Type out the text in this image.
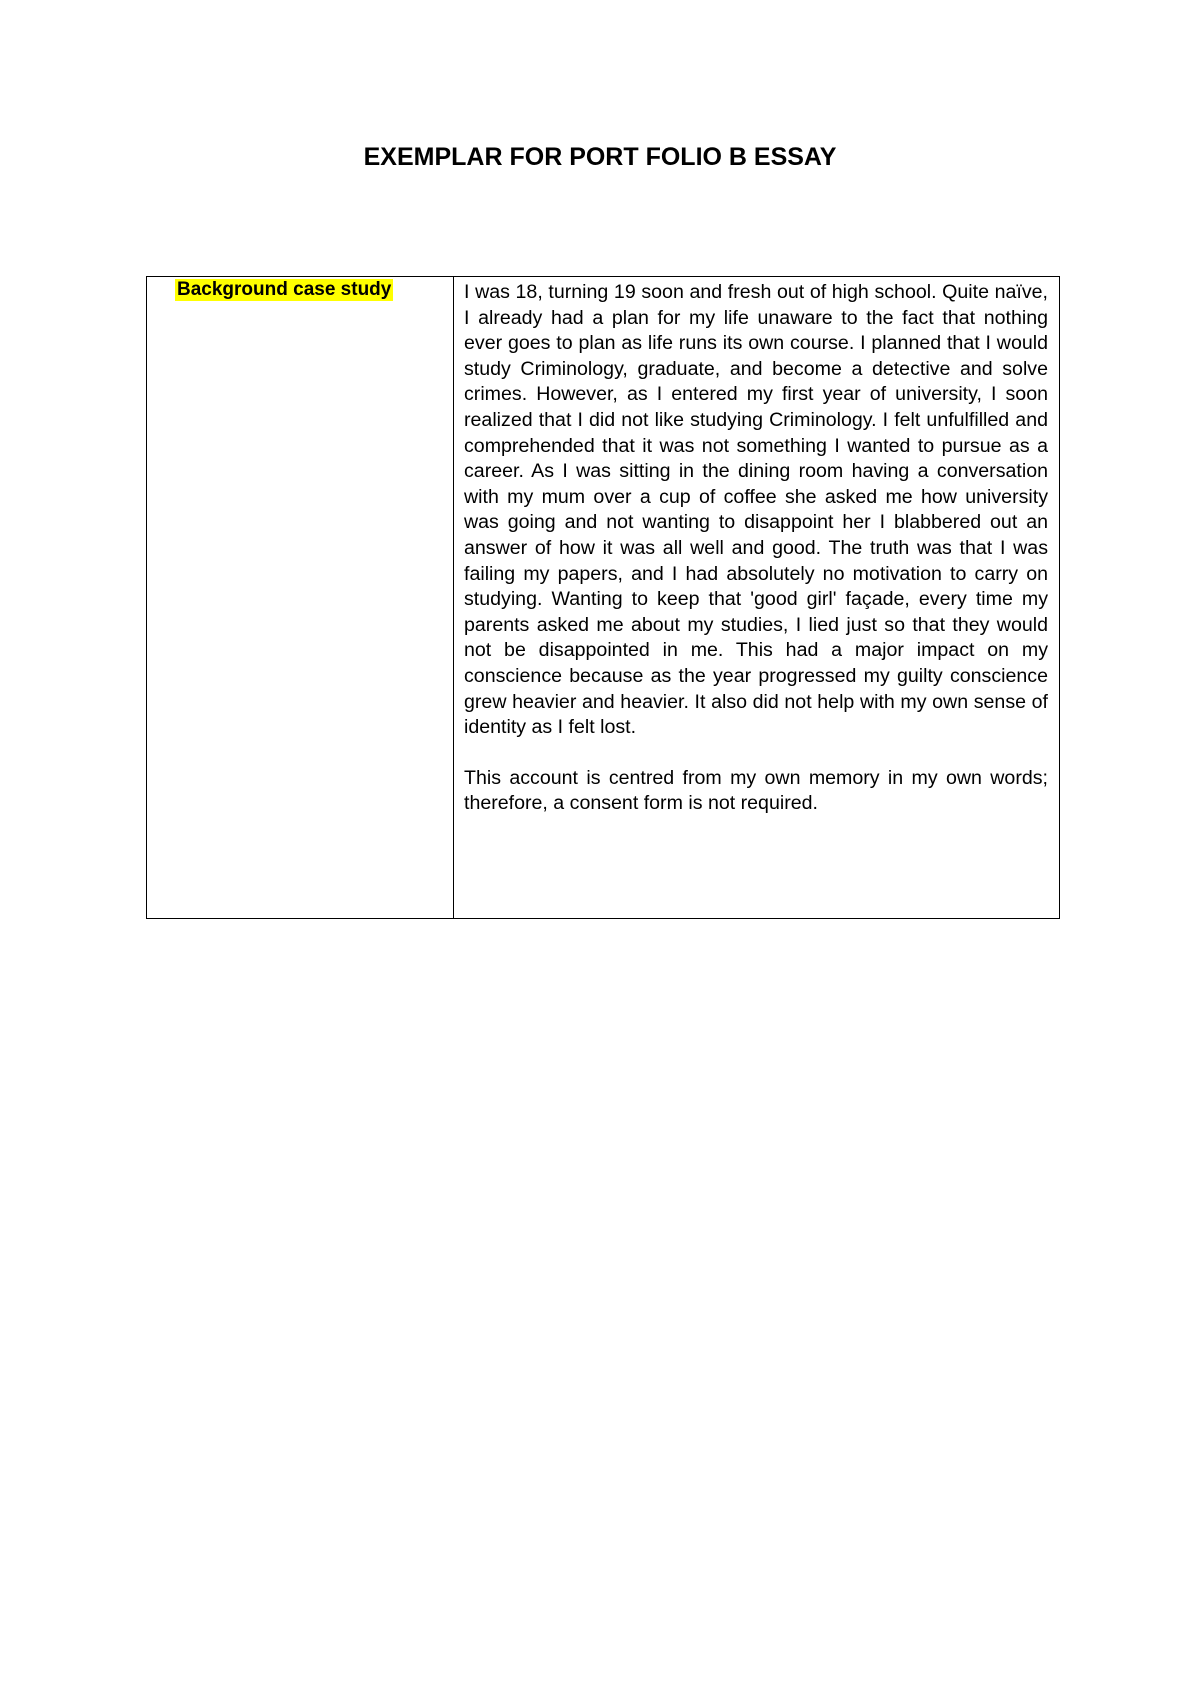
EXEMPLAR FOR PORT FOLIO B ESSAY
Background case study	I was 18, turning 19 soon and fresh out of high school. Quite naïve, I already had a plan for my life unaware to the fact that nothing ever goes to plan as life runs its own course. I planned that I would study Criminology, graduate, and become a detective and solve crimes. However, as I entered my first year of university, I soon realized that I did not like studying Criminology. I felt unfulfilled and comprehended that it was not something I wanted to pursue as a career. As I was sitting in the dining room having a conversation with my mum over a cup of coffee she asked me how university was going and not wanting to disappoint her I blabbered out an answer of how it was all well and good. The truth was that I was failing my papers, and I had absolutely no motivation to carry on studying. Wanting to keep that 'good girl' façade, every time my parents asked me about my studies, I lied just so that they would not be disappointed in me. This had a major impact on my conscience because as the year progressed my guilty conscience grew heavier and heavier. It also did not help with my own sense of identity as I felt lost.

This account is centred from my own memory in my own words; therefore, a consent form is not required.
